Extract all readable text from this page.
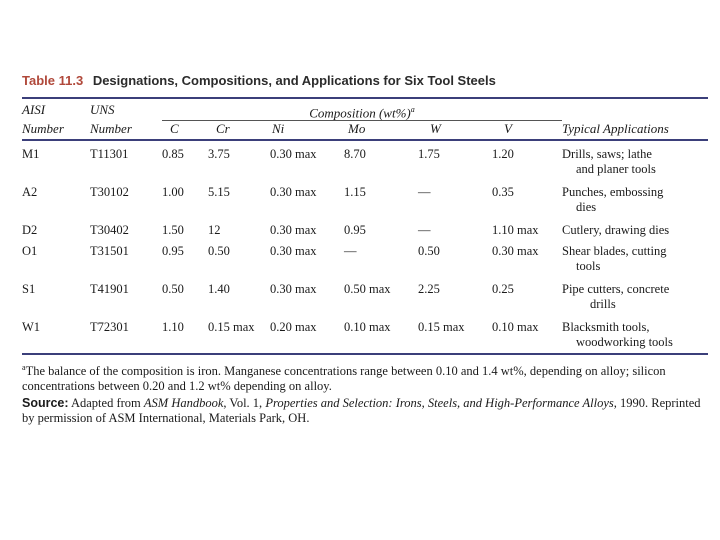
Table 11.3 Designations, Compositions, and Applications for Six Tool Steels
AISI	UNS	Composition $(wt\%)^a$

Number	Number	C	Cr	Ni	Mo	W	V	Typical Applications

M1	T11301	0.85	3.75	0.30 max	8.70	1.75	1.20	Drills, saws; lathe
and planer tools

A2	T30102	1.00	5.15	0.30 max	1.15	—	0.35	Punches, embossing
dies

D2	T30402	1.50	12	0.30 max	0.95	—	1.10 max	Cutlery, drawing dies

O1	T31501	0.95	0.50	0.30 max	—	0.50	0.30 max	Shear blades, cutting
tools

S1	T41901	0.50	1.40	0.30 max	0.50 max	2.25	0.25	Pipe cutters, concrete
drills

W1	T72301	1.10	0.15 max	0.20 max	0.10 max	0.15 max	0.10 max	Blacksmith tools,
woodworking tools
$^a$The balance of the composition is iron. Manganese concentrations range between 0.10 and 1.4 wt%, depending on alloy; silicon concentrations between 0.20 and 1.2 wt% depending on alloy.
Source: Adapted from ASM Handbook, Vol. 1, Properties and Selection: Irons, Steels, and High-Performance Alloys, 1990. Reprinted by permission of ASM International, Materials Park, OH.
